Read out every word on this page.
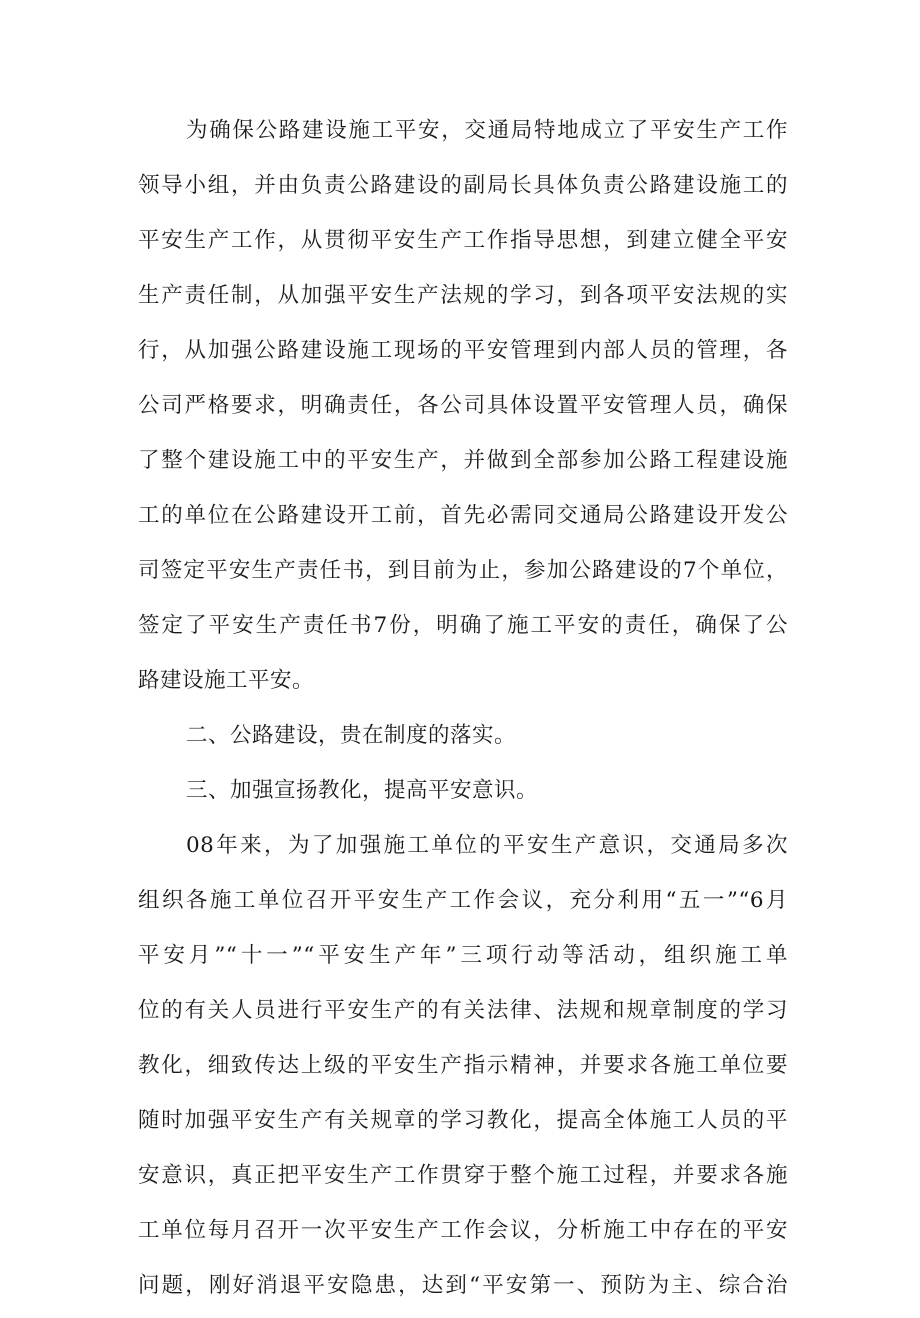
为确保公路建设施工平安，交通局特地成立了平安生产工作
领导小组，并由负责公路建设的副局长具体负责公路建设施工的
平安生产工作，从贯彻平安生产工作指导思想，到建立健全平安
生产责任制，从加强平安生产法规的学习，到各项平安法规的实
行，从加强公路建设施工现场的平安管理到内部人员的管理，各
公司严格要求，明确责任，各公司具体设置平安管理人员，确保
了整个建设施工中的平安生产，并做到全部参加公路工程建设施
工的单位在公路建设开工前，首先必需同交通局公路建设开发公
司签定平安生产责任书，到目前为止，参加公路建设的7个单位，
签定了平安生产责任书7份，明确了施工平安的责任，确保了公
路建设施工平安。
二、公路建设，贵在制度的落实。
三、加强宣扬教化，提高平安意识。
08年来，为了加强施工单位的平安生产意识，交通局多次
组织各施工单位召开平安生产工作会议，充分利用“五一”“6月
平安月”“十一”“平安生产年”三项行动等活动，组织施工单
位的有关人员进行平安生产的有关法律、法规和规章制度的学习
教化，细致传达上级的平安生产指示精神，并要求各施工单位要
随时加强平安生产有关规章的学习教化，提高全体施工人员的平
安意识，真正把平安生产工作贯穿于整个施工过程，并要求各施
工单位每月召开一次平安生产工作会议，分析施工中存在的平安
问题，刚好消退平安隐患，达到“平安第一、预防为主、综合治
